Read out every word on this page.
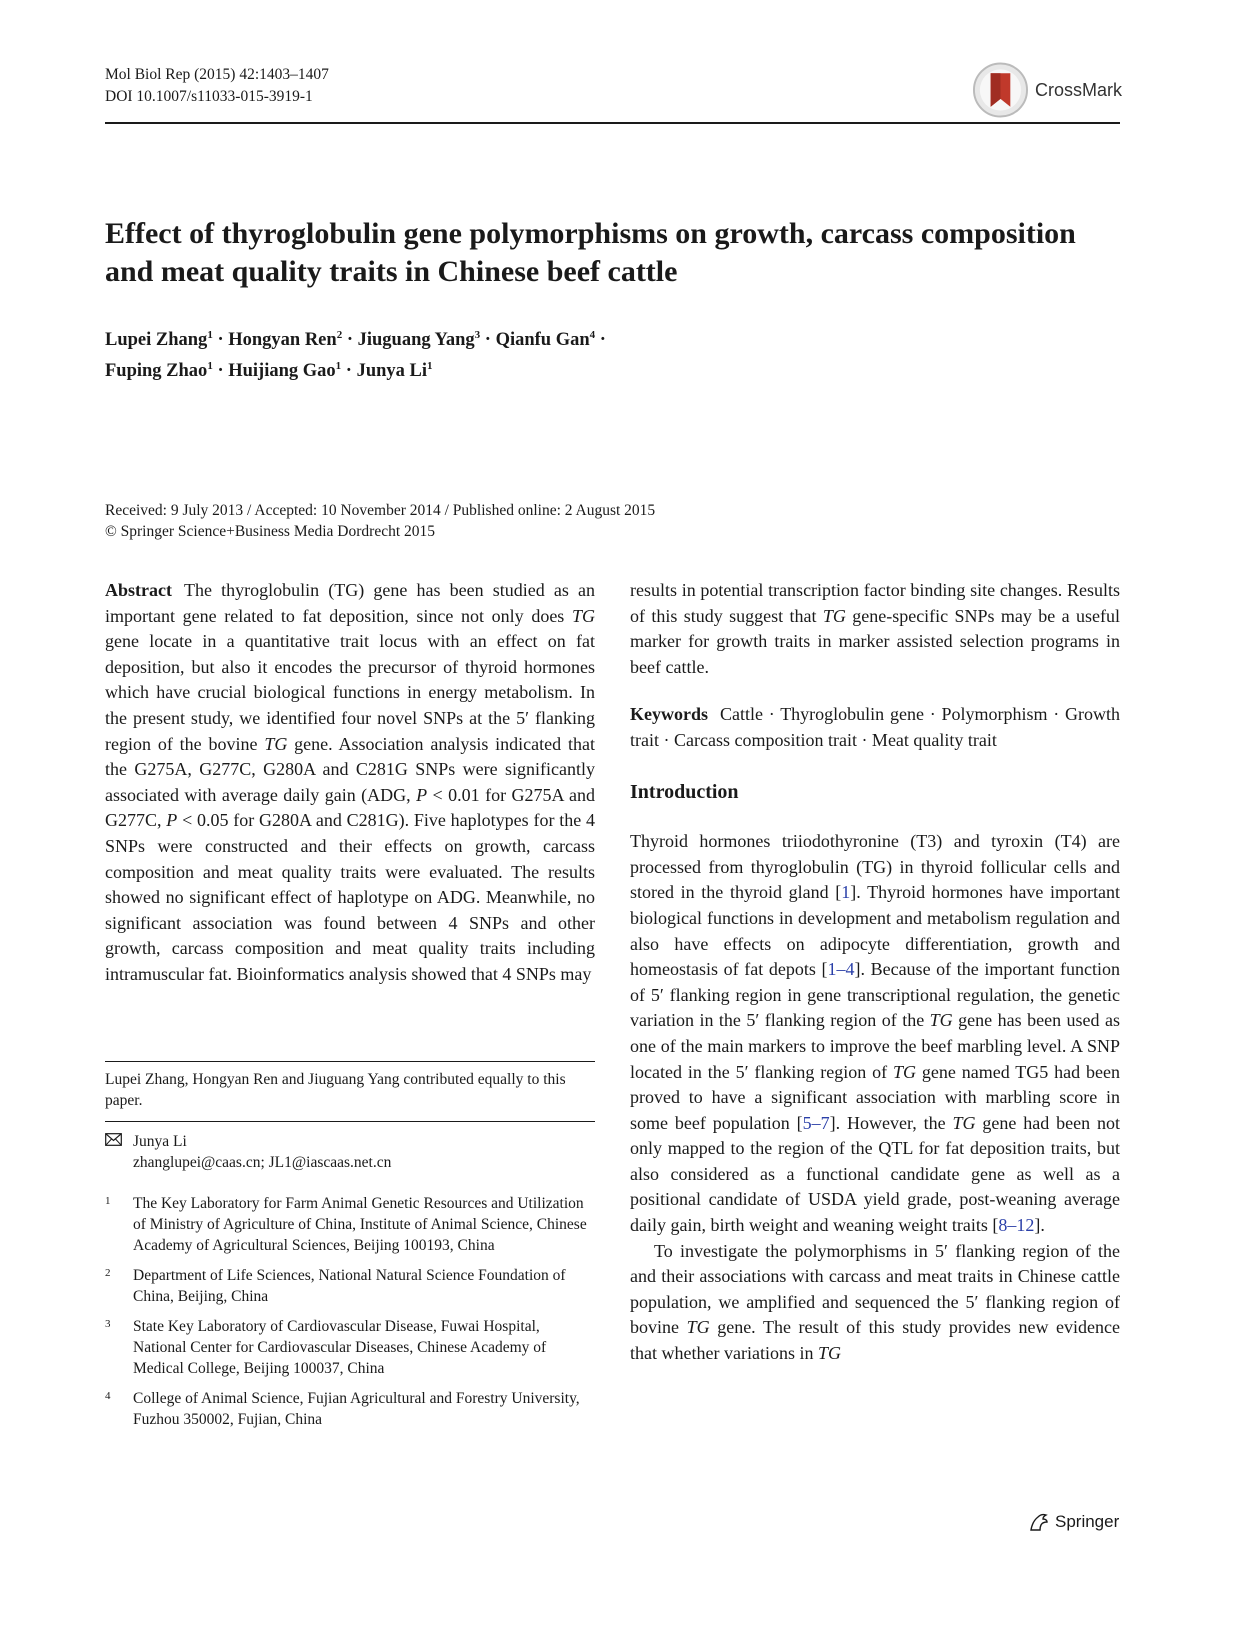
Mol Biol Rep (2015) 42:1403–1407
DOI 10.1007/s11033-015-3919-1	CrossMark
Effect of thyroglobulin gene polymorphisms on growth, carcass composition and meat quality traits in Chinese beef cattle
Lupei Zhang$^1$ · Hongyan Ren$^2$ · Jiuguang Yang$^3$ · Qianfu Gan$^4$ ·
Fuping Zhao$^1$ · Huijiang Gao$^1$ · Junya Li$^1$
Received: 9 July 2013 / Accepted: 10 November 2014 / Published online: 2 August 2015
© Springer Science+Business Media Dordrecht 2015

Abstract The thyroglobulin (TG) gene has been studied as an important gene related to fat deposition, since not only does TG gene locate in a quantitative trait locus with an effect on fat deposition, but also it encodes the precursor of thyroid hormones which have crucial biological functions in energy metabolism. In the present study, we identified four novel SNPs at the 5′ flanking region of the bovine TG gene. Association analysis indicated that the G275A, G277C, G280A and C281G SNPs were significantly associated with average daily gain (ADG, P < 0.01 for G275A and G277C, P < 0.05 for G280A and C281G). Five haplotypes for the 4 SNPs were constructed and their effects on growth, carcass composition and meat quality traits were evaluated. The results showed no significant effect of haplotype on ADG. Meanwhile, no significant association was found between 4 SNPs and other growth, carcass composition and meat quality traits including intramuscular fat. Bioinformatics analysis showed that 4 SNPs may

results in potential transcription factor binding site changes. Results of this study suggest that TG gene-specific SNPs may be a useful marker for growth traits in marker assisted selection programs in beef cattle.

Keywords Cattle · Thyroglobulin gene · Polymorphism · Growth trait · Carcass composition trait · Meat quality trait

Introduction

Thyroid hormones triiodothyronine (T3) and tyroxin (T4) are processed from thyroglobulin (TG) in thyroid follicular cells and stored in the thyroid gland [1]. Thyroid hormones have important biological functions in development and metabolism regulation and also have effects on adipocyte differentiation, growth and homeostasis of fat depots [1–4]. Because of the important function of 5′ flanking region in gene transcriptional regulation, the genetic variation in the 5′ flanking region of the TG gene has been used as one of the main markers to improve the beef marbling level. A SNP located in the 5′ flanking region of TG gene named TG5 had been proved to have a significant association with marbling score in some beef population [5–7]. However, the TG gene had been not only mapped to the region of the QTL for fat deposition traits, but also considered as a functional candidate gene as well as a positional candidate of USDA yield grade, post-weaning average daily gain, birth weight and weaning weight traits [8–12].

To investigate the polymorphisms in 5′ flanking region of the and their associations with carcass and meat traits in Chinese cattle population, we amplified and sequenced the 5′ flanking region of bovine TG gene. The result of this study provides new evidence that whether variations in TG

Lupei Zhang, Hongyan Ren and Jiuguang Yang contributed equally to this paper.
Junya Li
zhanglupei@caas.cn; JL1@iascaas.net.cn
1	The Key Laboratory for Farm Animal Genetic Resources and Utilization of Ministry of Agriculture of China, Institute of Animal Science, Chinese Academy of Agricultural Sciences, Beijing 100193, China
2	Department of Life Sciences, National Natural Science Foundation of China, Beijing, China
3	State Key Laboratory of Cardiovascular Disease, Fuwai Hospital, National Center for Cardiovascular Diseases, Chinese Academy of Medical College, Beijing 100037, China
4	College of Animal Science, Fujian Agricultural and Forestry University, Fuzhou 350002, Fujian, China
Springer
